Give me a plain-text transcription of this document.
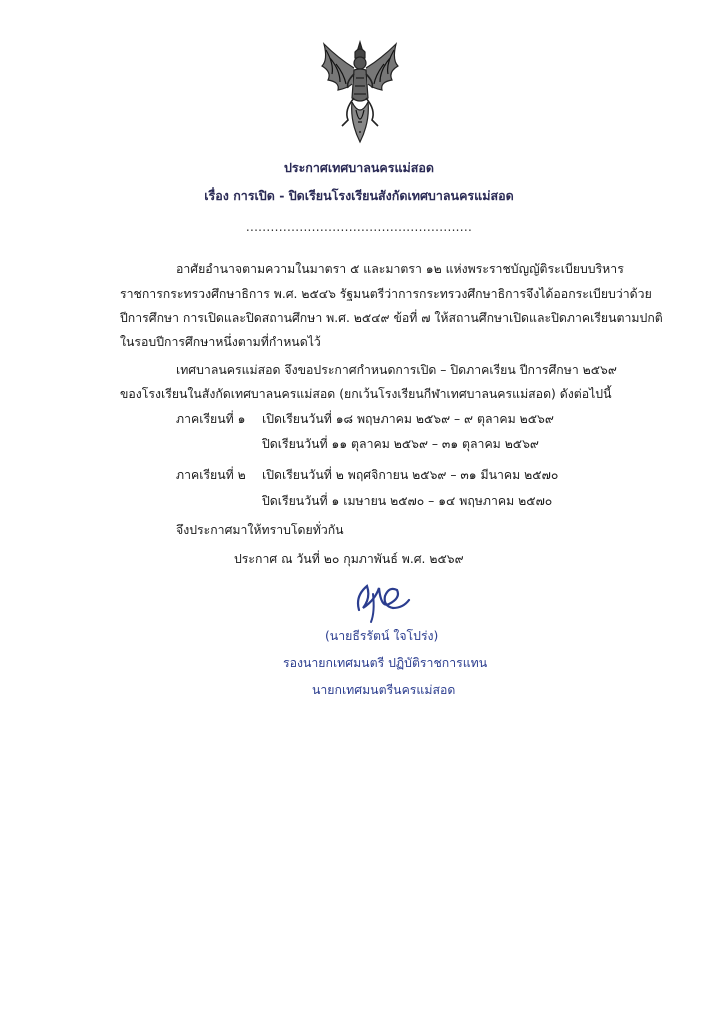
ประกาศเทศบาลนครแม่สอด
เรื่อง การเปิด - ปิดเรียนโรงเรียนสังกัดเทศบาลนครแม่สอด
.......................................................
อาศัยอำนาจตามความในมาตรา ๕ และมาตรา ๑๒ แห่งพระราชบัญญัติระเบียบบริหาร
ราชการกระทรวงศึกษาธิการ พ.ศ. ๒๕๔๖ รัฐมนตรีว่าการกระทรวงศึกษาธิการจึงได้ออกระเบียบว่าด้วย
ปีการศึกษา การเปิดและปิดสถานศึกษา พ.ศ. ๒๕๔๙ ข้อที่ ๗ ให้สถานศึกษาเปิดและปิดภาคเรียนตามปกติ
ในรอบปีการศึกษาหนึ่งตามที่กำหนดไว้
เทศบาลนครแม่สอด จึงขอประกาศกำหนดการเปิด – ปิดภาคเรียน ปีการศึกษา ๒๕๖๙
ของโรงเรียนในสังกัดเทศบาลนครแม่สอด (ยกเว้นโรงเรียนกีฬาเทศบาลนครแม่สอด) ดังต่อไปนี้
ภาคเรียนที่ ๑ เปิดเรียนวันที่ ๑๘ พฤษภาคม ๒๕๖๙ – ๙ ตุลาคม ๒๕๖๙
ปิดเรียนวันที่ ๑๑ ตุลาคม ๒๕๖๙ – ๓๑ ตุลาคม ๒๕๖๙
ภาคเรียนที่ ๒ เปิดเรียนวันที่ ๒ พฤศจิกายน ๒๕๖๙ – ๓๑ มีนาคม ๒๕๗๐
ปิดเรียนวันที่ ๑ เมษายน ๒๕๗๐ – ๑๔ พฤษภาคม ๒๕๗๐
จึงประกาศมาให้ทราบโดยทั่วกัน
ประกาศ ณ วันที่ ๒๐ กุมภาพันธ์ พ.ศ. ๒๕๖๙
(นายธีรรัตน์ ใจโปร่ง)
รองนายกเทศมนตรี ปฏิบัติราชการแทน
นายกเทศมนตรีนครแม่สอด
